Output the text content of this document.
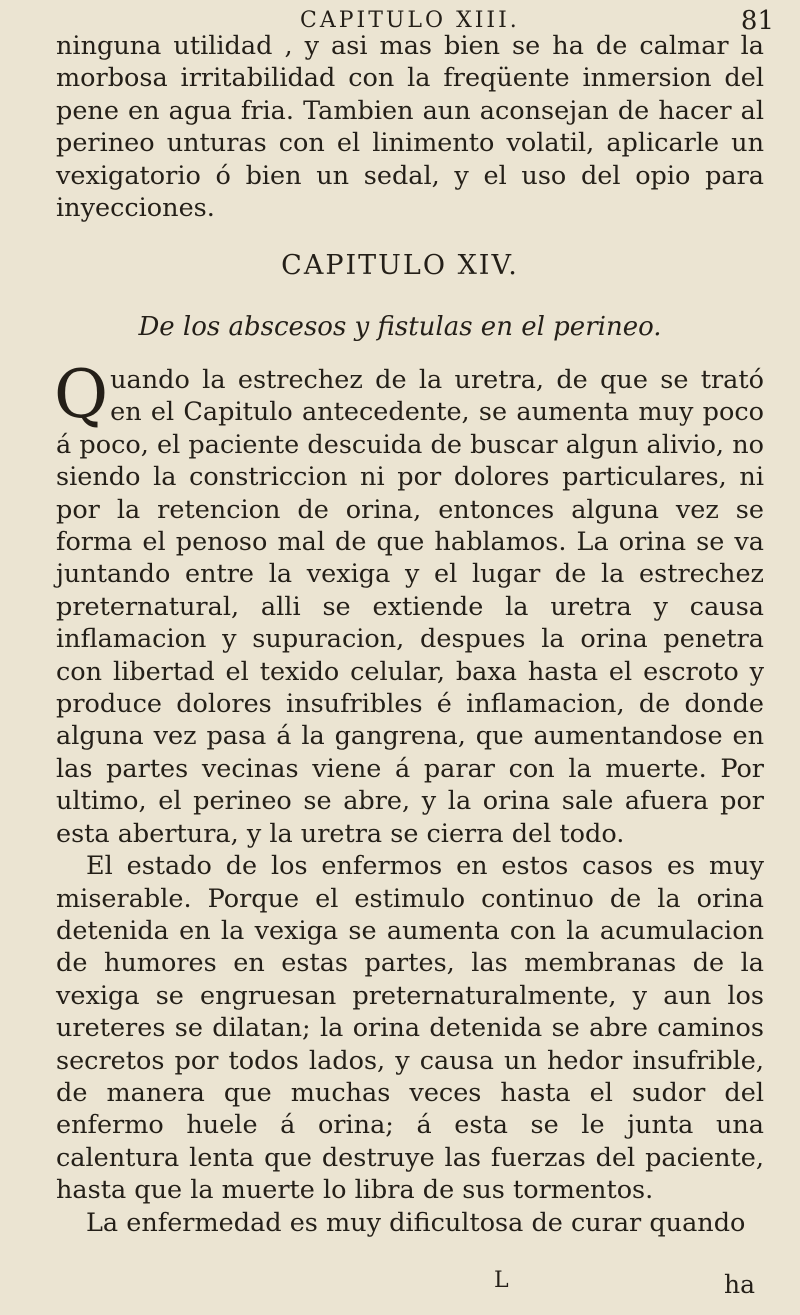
CAPITULO XIII.	81

ninguna utilidad , y asi mas bien se ha de calmar la morbosa irritabilidad con la freqüente inmersion del pene en agua fria. Tambien aun aconsejan de hacer al perineo unturas con el linimento volatil, aplicarle un vexigatorio ó bien un sedal, y el uso del opio para inyecciones.

CAPITULO XIV.
De los abscesos y fistulas en el perineo.

Quando la estrechez de la uretra, de que se trató en el Capitulo antecedente, se aumenta muy poco á poco, el paciente descuida de buscar algun alivio, no siendo la constriccion ni por dolores particulares, ni por la retencion de orina, entonces alguna vez se forma el penoso mal de que hablamos. La orina se va juntando entre la vexiga y el lugar de la estrechez preternatural, alli se extiende la uretra y causa inflamacion y supuracion, despues la orina penetra con libertad el texido celular, baxa hasta el escroto y produce dolores insufribles é inflamacion, de donde alguna vez pasa á la gangrena, que aumentandose en las partes vecinas viene á parar con la muerte. Por ultimo, el perineo se abre, y la orina sale afuera por esta abertura, y la uretra se cierra del todo.

El estado de los enfermos en estos casos es muy miserable. Porque el estimulo continuo de la orina detenida en la vexiga se aumenta con la acumulacion de humores en estas partes, las membranas de la vexiga se engruesan preternaturalmente, y aun los ureteres se dilatan; la orina detenida se abre caminos secretos por todos lados, y causa un hedor insufrible, de manera que muchas veces hasta el sudor del enfermo huele á orina; á esta se le junta una calentura lenta que destruye las fuerzas del paciente, hasta que la muerte lo libra de sus tormentos.

La enfermedad es muy dificultosa de curar quando

L	ha
